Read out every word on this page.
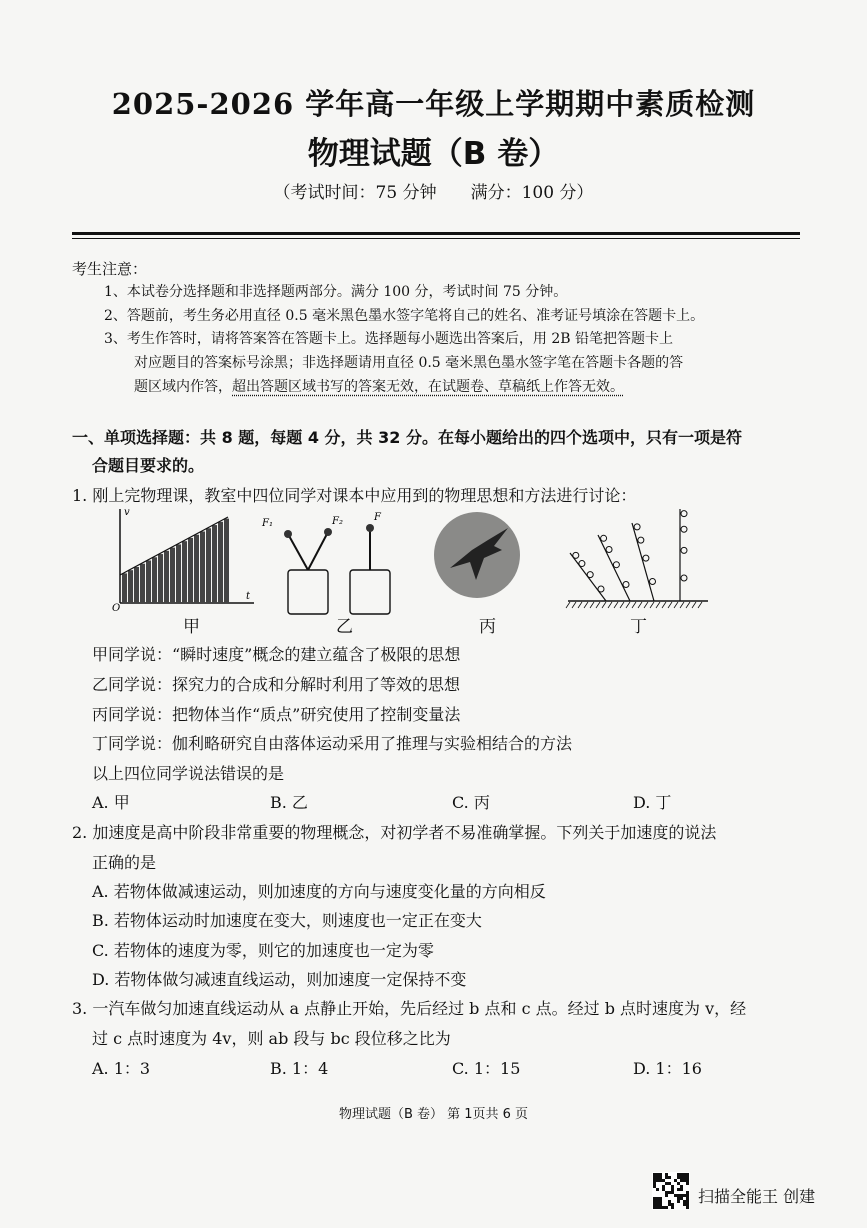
2025-2026 学年高一年级上学期期中素质检测
物理试题（B 卷）
（考试时间：75 分钟　　满分：100 分）
考生注意：
1、本试卷分选择题和非选择题两部分。满分 100 分，考试时间 75 分钟。
2、答题前，考生务必用直径 0.5 毫米黑色墨水签字笔将自己的姓名、准考证号填涂在答题卡上。
3、考生作答时，请将答案答在答题卡上。选择题每小题选出答案后，用 2B 铅笔把答题卡上
对应题目的答案标号涂黑；非选择题请用直径 0.5 毫米黑色墨水签字笔在答题卡各题的答
题区域内作答，超出答题区域书写的答案无效，在试题卷、草稿纸上作答无效。
一、单项选择题：共 8 题，每题 4 分，共 32 分。在每小题给出的四个选项中，只有一项是符
合题目要求的。
1. 刚上完物理课，教室中四位同学对课本中应用到的物理思想和方法进行讨论：
v
t
O
F₁	F₂	F
甲	乙	丙	丁
甲同学说：“瞬时速度”概念的建立蕴含了极限的思想
乙同学说：探究力的合成和分解时利用了等效的思想
丙同学说：把物体当作“质点”研究使用了控制变量法
丁同学说：伽利略研究自由落体运动采用了推理与实验相结合的方法
以上四位同学说法错误的是
A. 甲	B. 乙	C. 丙	D. 丁
2. 加速度是高中阶段非常重要的物理概念，对初学者不易准确掌握。下列关于加速度的说法
正确的是
A. 若物体做减速运动，则加速度的方向与速度变化量的方向相反
B. 若物体运动时加速度在变大，则速度也一定正在变大
C. 若物体的速度为零，则它的加速度也一定为零
D. 若物体做匀减速直线运动，则加速度一定保持不变
3. 一汽车做匀加速直线运动从 a 点静止开始，先后经过 b 点和 c 点。经过 b 点时速度为 v，经
过 c 点时速度为 4v，则 ab 段与 bc 段位移之比为
A. 1：3	B. 1：4	C. 1：15	D. 1：16
物理试题（B 卷） 第 1页共 6 页
扫描全能王 创建
